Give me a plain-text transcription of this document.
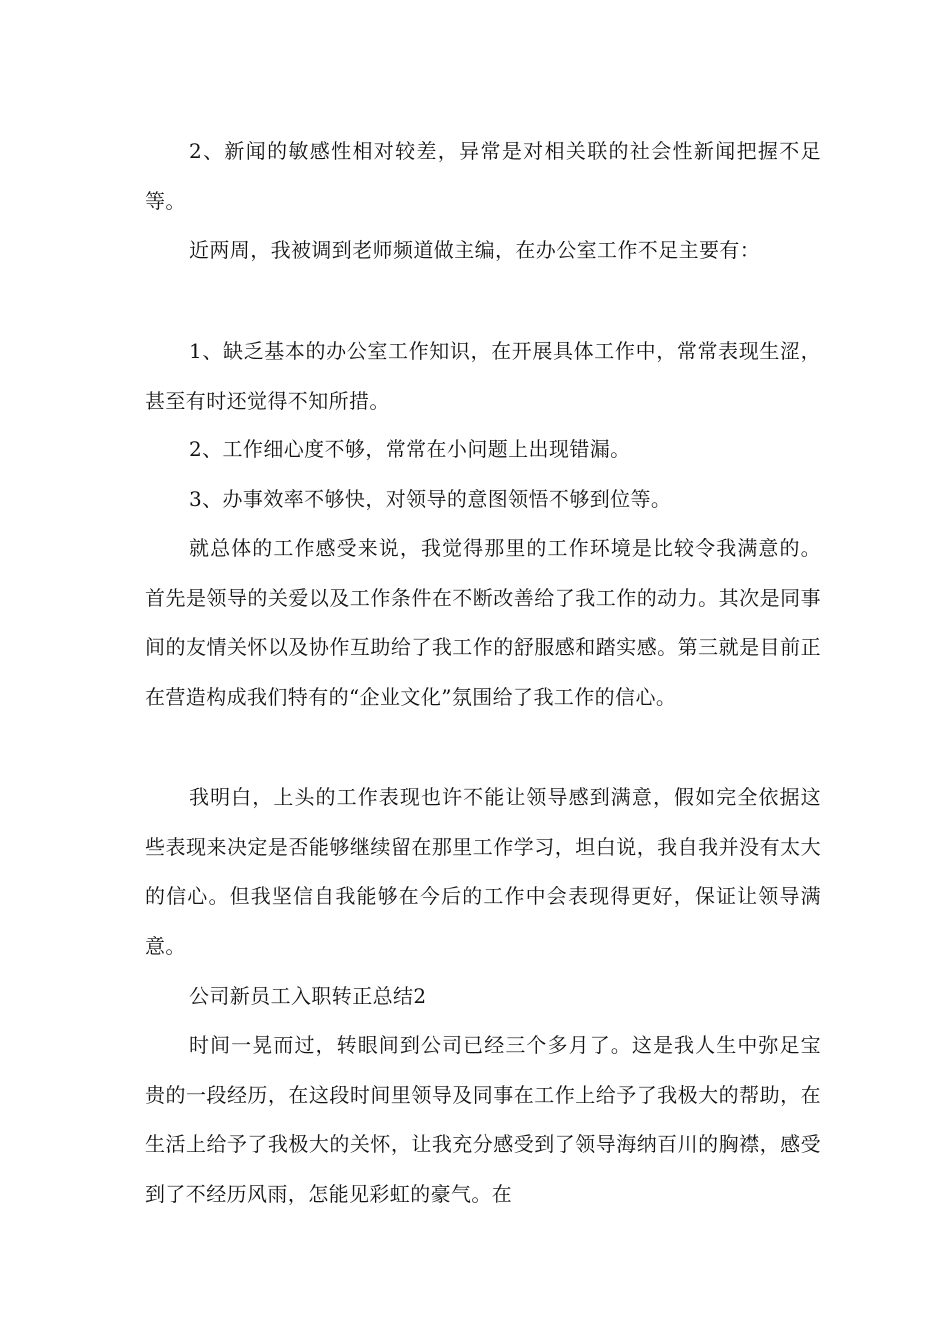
2、新闻的敏感性相对较差，异常是对相关联的社会性新闻把握不足等。

近两周，我被调到老师频道做主编，在办公室工作不足主要有：

1、缺乏基本的办公室工作知识，在开展具体工作中，常常表现生涩，甚至有时还觉得不知所措。

2、工作细心度不够，常常在小问题上出现错漏。

3、办事效率不够快，对领导的意图领悟不够到位等。

就总体的工作感受来说，我觉得那里的工作环境是比较令我满意的。首先是领导的关爱以及工作条件在不断改善给了我工作的动力。其次是同事间的友情关怀以及协作互助给了我工作的舒服感和踏实感。第三就是目前正在营造构成我们特有的“企业文化”氛围给了我工作的信心。

我明白，上头的工作表现也许不能让领导感到满意，假如完全依据这些表现来决定是否能够继续留在那里工作学习，坦白说，我自我并没有太大的信心。但我坚信自我能够在今后的工作中会表现得更好，保证让领导满意。

公司新员工入职转正总结2

时间一晃而过，转眼间到公司已经三个多月了。这是我人生中弥足宝贵的一段经历，在这段时间里领导及同事在工作上给予了我极大的帮助，在生活上给予了我极大的关怀，让我充分感受到了领导海纳百川的胸襟，感受到了不经历风雨，怎能见彩虹的豪气。在
